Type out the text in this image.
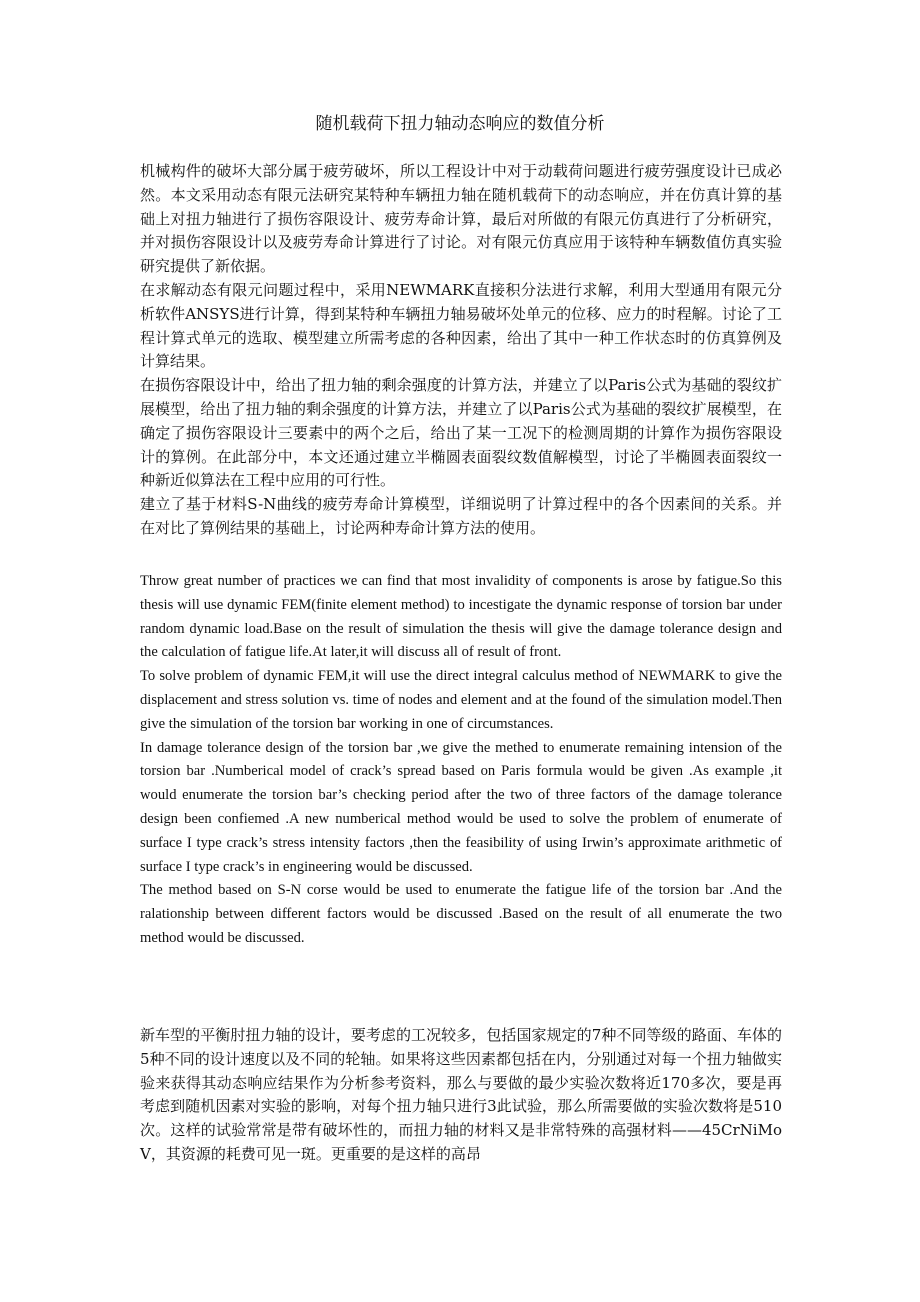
随机载荷下扭力轴动态响应的数值分析

机械构件的破坏大部分属于疲劳破坏，所以工程设计中对于动载荷问题进行疲劳强度设计已成必然。本文采用动态有限元法研究某特种车辆扭力轴在随机载荷下的动态响应，并在仿真计算的基础上对扭力轴进行了损伤容限设计、疲劳寿命计算，最后对所做的有限元仿真进行了分析研究，并对损伤容限设计以及疲劳寿命计算进行了讨论。对有限元仿真应用于该特种车辆数值仿真实验研究提供了新依据。

在求解动态有限元问题过程中，采用NEWMARK直接积分法进行求解，利用大型通用有限元分析软件ANSYS进行计算，得到某特种车辆扭力轴易破坏处单元的位移、应力的时程解。讨论了工程计算式单元的选取、模型建立所需考虑的各种因素，给出了其中一种工作状态时的仿真算例及计算结果。

在损伤容限设计中，给出了扭力轴的剩余强度的计算方法，并建立了以Paris公式为基础的裂纹扩展模型，给出了扭力轴的剩余强度的计算方法，并建立了以Paris公式为基础的裂纹扩展模型，在确定了损伤容限设计三要素中的两个之后，给出了某一工况下的检测周期的计算作为损伤容限设计的算例。在此部分中，本文还通过建立半椭圆表面裂纹数值解模型，讨论了半椭圆表面裂纹一种新近似算法在工程中应用的可行性。

建立了基于材料S-N曲线的疲劳寿命计算模型，详细说明了计算过程中的各个因素间的关系。并在对比了算例结果的基础上，讨论两种寿命计算方法的使用。

Throw great number of practices we can find that most invalidity of components is arose by fatigue.So this thesis will use dynamic FEM(finite element method) to incestigate the dynamic response of torsion bar under random dynamic load.Base on the result of simulation the thesis will give the damage tolerance design and the calculation of fatigue life.At later,it will discuss all of result of front.

To solve problem of dynamic FEM,it will use the direct integral calculus method of NEWMARK to give the displacement and stress solution vs. time of nodes and element and at the found of the simulation model.Then give the simulation of the torsion bar working in one of circumstances.

In damage tolerance design of the torsion bar ,we give the methed to enumerate remaining intension of the torsion bar .Numberical model of crack’s spread based on Paris formula would be given .As example ,it would enumerate the torsion bar’s checking period after the two of three factors of the damage tolerance design been confiemed .A new numberical method would be used to solve the problem of enumerate of surface I type crack’s stress intensity factors ,then the feasibility of using Irwin’s approximate arithmetic of surface I type crack’s in engineering would be discussed.

The method based on S-N corse would be used to enumerate the fatigue life of the torsion bar .And the ralationship between different factors would be discussed .Based on the result of all enumerate the two method would be discussed.

新车型的平衡肘扭力轴的设计，要考虑的工况较多，包括国家规定的7种不同等级的路面、车体的5种不同的设计速度以及不同的轮轴。如果将这些因素都包括在内，分别通过对每一个扭力轴做实验来获得其动态响应结果作为分析参考资料，那么与要做的最少实验次数将近170多次，要是再考虑到随机因素对实验的影响，对每个扭力轴只进行3此试验，那么所需要做的实验次数将是510次。这样的试验常常是带有破坏性的，而扭力轴的材料又是非常特殊的高强材料——45CrNiMoV，其资源的耗费可见一斑。更重要的是这样的高昂
